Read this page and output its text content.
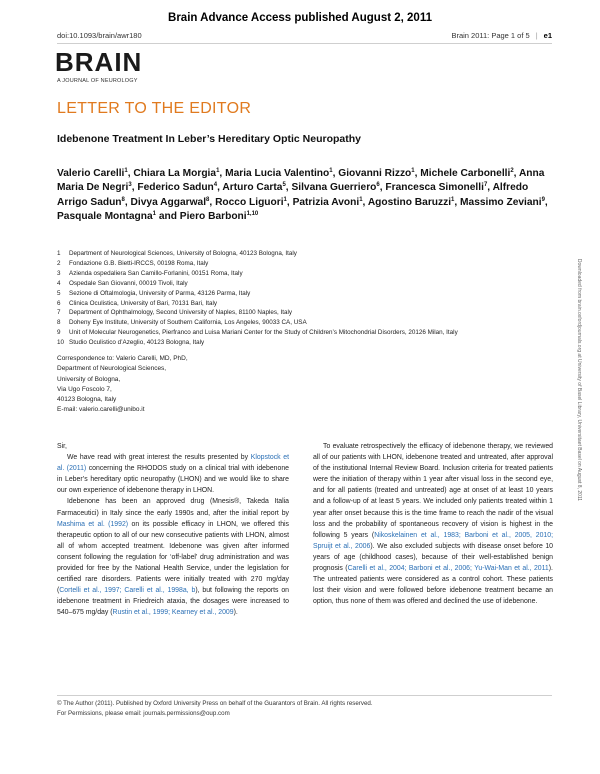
Brain Advance Access published August 2, 2011
doi:10.1093/brain/awr180	Brain 2011: Page 1 of 5 | e1
BRAIN
A JOURNAL OF NEUROLOGY
LETTER TO THE EDITOR
Idebenone Treatment In Leber’s Hereditary Optic Neuropathy
Valerio Carelli$^1$, Chiara La Morgia$^1$, Maria Lucia Valentino$^1$, Giovanni Rizzo$^1$, Michele Carbonelli$^2$, Anna Maria De Negri$^3$, Federico Sadun$^4$, Arturo Carta$^5$, Silvana Guerriero$^6$, Francesca Simonelli$^7$, Alfredo Arrigo Sadun$^8$, Divya Aggarwal$^8$, Rocco Liguori$^1$, Patrizia Avoni$^1$, Agostino Baruzzi$^1$, Massimo Zeviani$^9$, Pasquale Montagna$^1$ and Piero Barboni$^{1,10}$
1 Department of Neurological Sciences, University of Bologna, 40123 Bologna, Italy
2 Fondazione G.B. Bietti-IRCCS, 00198 Roma, Italy
3 Azienda ospedaliera San Camillo-Forlanini, 00151 Roma, Italy
4 Ospedale San Giovanni, 00019 Tivoli, Italy
5 Sezione di Oftalmologia, University of Parma, 43126 Parma, Italy
6 Clinica Oculistica, University of Bari, 70131 Bari, Italy
7 Department of Ophthalmology, Second University of Naples, 81100 Naples, Italy
8 Doheny Eye Institute, University of Southern California, Los Angeles, 90033 CA, USA
9 Unit of Molecular Neurogenetics, Pierfranco and Luisa Mariani Center for the Study of Children’s Mitochondrial Disorders, 20126 Milan, Italy
10 Studio Oculistico d’Azeglio, 40123 Bologna, Italy
Correspondence to: Valerio Carelli, MD, PhD,
Department of Neurological Sciences,
University of Bologna,
Via Ugo Foscolo 7,
40123 Bologna, Italy
E-mail: valerio.carelli@unibo.it

Sir,

We have read with great interest the results presented by Klopstock et al. (2011) concerning the RHODOS study on a clinical trial with idebenone in Leber’s hereditary optic neuropathy (LHON) and we would like to share our own experience of idebenone therapy in LHON.

Idebenone has been an approved drug (Mnesis®, Takeda Italia Farmaceutici) in Italy since the early 1990s and, after the initial report by Mashima et al. (1992) on its possible efficacy in LHON, we offered this therapeutic option to all of our new consecutive patients with LHON, almost all of whom accepted treatment. Idebenone was given after informed consent following the regulation for ‘off-label’ drug administration and was provided for free by the National Health Service, under the legislation for certified rare disorders. Patients were initially treated with 270 mg/day (Cortelli et al., 1997; Carelli et al., 1998a, b), but following the reports on idebenone treatment in Friedreich ataxia, the dosages were increased to 540–675 mg/day (Rustin et al., 1999; Kearney et al., 2009).

To evaluate retrospectively the efficacy of idebenone therapy, we reviewed all of our patients with LHON, idebenone treated and untreated, after approval of the institutional Internal Review Board. Inclusion criteria for treated patients were the initiation of therapy within 1 year after visual loss in the second eye, and for all patients (treated and untreated) age at onset of at least 10 years and a follow-up of at least 5 years. We included only patients treated within 1 year after onset because this is the time frame to reach the nadir of the visual loss and the probability of spontaneous recovery of vision is highest in the following 5 years (Nikoskelainen et al., 1983; Barboni et al., 2005, 2010; Spruijt et al., 2006). We also excluded subjects with disease onset before 10 years of age (childhood cases), because of their well-established benign prognosis (Carelli et al., 2004; Barboni et al., 2006; Yu-Wai-Man et al., 2011). The untreated patients were considered as a control cohort. These patients lost their vision and were followed before idebenone treatment became an option, thus none of them was offered and declined the use of idebenone.

© The Author (2011). Published by Oxford University Press on behalf of the Guarantors of Brain. All rights reserved.
For Permissions, please email: journals.permissions@oup.com
Downloaded from brain.oxfordjournals.org at University of Basel Library, Universitaet Basel on August 8, 2011
